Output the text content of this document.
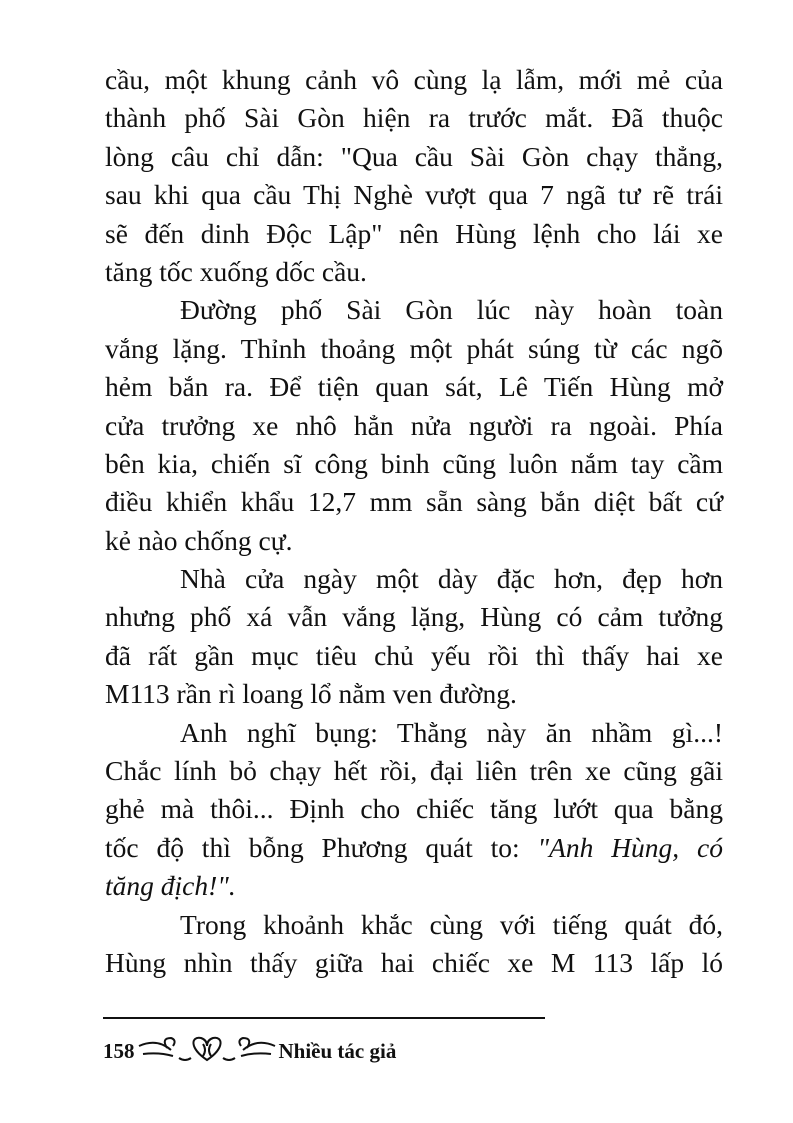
cầu, một khung cảnh vô cùng lạ lẫm, mới mẻ của
thành phố Sài Gòn hiện ra trước mắt. Đã thuộc
lòng câu chỉ dẫn: "Qua cầu Sài Gòn chạy thẳng,
sau khi qua cầu Thị Nghè vượt qua 7 ngã tư rẽ trái
sẽ đến dinh Độc Lập" nên Hùng lệnh cho lái xe
tăng tốc xuống dốc cầu.
Đường phố Sài Gòn lúc này hoàn toàn
vắng lặng. Thỉnh thoảng một phát súng từ các ngõ
hẻm bắn ra. Để tiện quan sát, Lê Tiến Hùng mở
cửa trưởng xe nhô hẳn nửa người ra ngoài. Phía
bên kia, chiến sĩ công binh cũng luôn nắm tay cầm
điều khiển khẩu 12,7 mm sẵn sàng bắn diệt bất cứ
kẻ nào chống cự.
Nhà cửa ngày một dày đặc hơn, đẹp hơn
nhưng phố xá vẫn vắng lặng, Hùng có cảm tưởng
đã rất gần mục tiêu chủ yếu rồi thì thấy hai xe
M113 rần rì loang lổ nằm ven đường.
Anh nghĩ bụng: Thằng này ăn nhầm gì...!
Chắc lính bỏ chạy hết rồi, đại liên trên xe cũng gãi
ghẻ mà thôi... Định cho chiếc tăng lướt qua bằng
tốc độ thì bỗng Phương quát to: "Anh Hùng, có
tăng địch!".
Trong khoảnh khắc cùng với tiếng quát đó,
Hùng nhìn thấy giữa hai chiếc xe M 113 lấp ló
158	Nhiều tác giả
